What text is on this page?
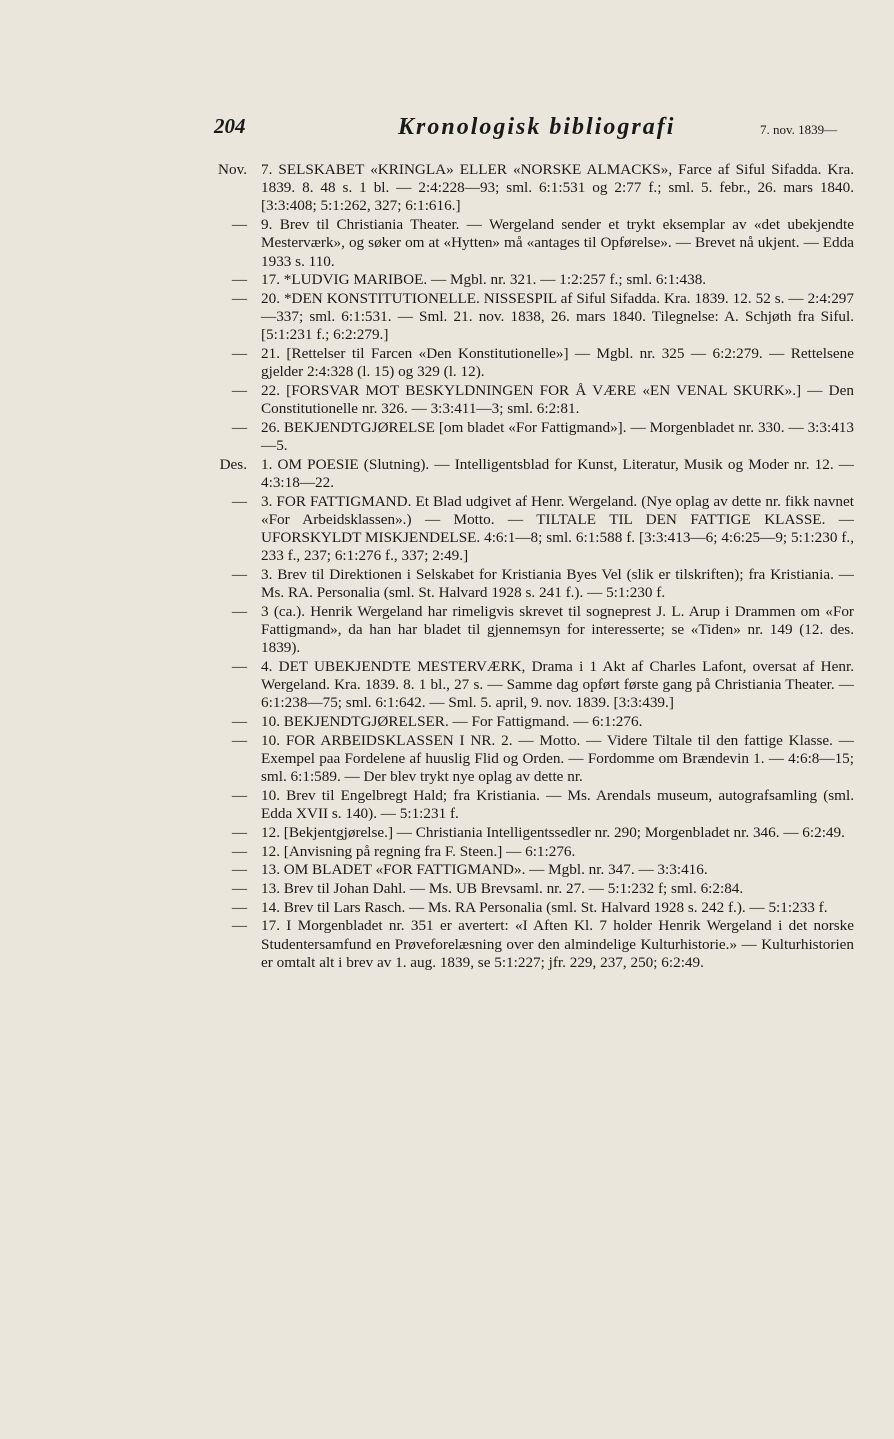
204	Kronologisk bibliografi	7. nov. 1839—
Nov. 7. SELSKABET «KRINGLA» ELLER «NORSKE ALMACKS», Farce af Siful Sifadda. Kra. 1839. 8. 48 s. 1 bl. — 2:4:228—93; sml. 6:1:531 og 2:77 f.; sml. 5. febr., 26. mars 1840. [3:3:408; 5:1:262, 327; 6:1:616.]
— 9. Brev til Christiania Theater. — Wergeland sender et trykt eksemplar av «det ubekjendte Mesterværk», og søker om at «Hytten» må «antages til Opførelse». — Brevet nå ukjent. — Edda 1933 s. 110.
— 17. *LUDVIG MARIBOE. — Mgbl. nr. 321. — 1:2:257 f.; sml. 6:1:438.
— 20. *DEN KONSTITUTIONELLE. NISSESPIL af Siful Sifadda. Kra. 1839. 12. 52 s. — 2:4:297—337; sml. 6:1:531. — Sml. 21. nov. 1838, 26. mars 1840. Tilegnelse: A. Schjøth fra Siful. [5:1:231 f.; 6:2:279.]
— 21. [Rettelser til Farcen «Den Konstitutionelle»] — Mgbl. nr. 325 — 6:2:279. — Rettelsene gjelder 2:4:328 (l. 15) og 329 (l. 12).
— 22. [FORSVAR MOT BESKYLDNINGEN FOR Å VÆRE «EN VENAL SKURK».] — Den Constitutionelle nr. 326. — 3:3:411—3; sml. 6:2:81.
— 26. BEKJENDTGJØRELSE [om bladet «For Fattigmand»]. — Morgenbladet nr. 330. — 3:3:413—5.
Des. 1. OM POESIE (Slutning). — Intelligentsblad for Kunst, Literatur, Musik og Moder nr. 12. — 4:3:18—22.
— 3. FOR FATTIGMAND. Et Blad udgivet af Henr. Wergeland. (Nye oplag av dette nr. fikk navnet «For Arbeidsklassen».) — Motto. — TILTALE TIL DEN FATTIGE KLASSE. — UFORSKYLDT MISKJENDELSE. 4:6:1—8; sml. 6:1:588 f. [3:3:413—6; 4:6:25—9; 5:1:230 f., 233 f., 237; 6:1:276 f., 337; 2:49.]
— 3. Brev til Direktionen i Selskabet for Kristiania Byes Vel (slik er tilskriften); fra Kristiania. — Ms. RA. Personalia (sml. St. Halvard 1928 s. 241 f.). — 5:1:230 f.
— 3 (ca.). Henrik Wergeland har rimeligvis skrevet til sogneprest J. L. Arup i Drammen om «For Fattigmand», da han har bladet til gjennemsyn for interesserte; se «Tiden» nr. 149 (12. des. 1839).
— 4. DET UBEKJENDTE MESTERVÆRK, Drama i 1 Akt af Charles Lafont, oversat af Henr. Wergeland. Kra. 1839. 8. 1 bl., 27 s. — Samme dag opført første gang på Christiania Theater. — 6:1:238—75; sml. 6:1:642. — Sml. 5. april, 9. nov. 1839. [3:3:439.]
— 10. BEKJENDTGJØRELSER. — For Fattigmand. — 6:1:276.
— 10. FOR ARBEIDSKLASSEN I NR. 2. — Motto. — Videre Tiltale til den fattige Klasse. — Exempel paa Fordelene af huuslig Flid og Orden. — Fordomme om Brændevin 1. — 4:6:8—15; sml. 6:1:589. — Der blev trykt nye oplag av dette nr.
— 10. Brev til Engelbregt Hald; fra Kristiania. — Ms. Arendals museum, autografsamling (sml. Edda XVII s. 140). — 5:1:231 f.
— 12. [Bekjentgjørelse.] — Christiania Intelligentssedler nr. 290; Morgenbladet nr. 346. — 6:2:49.
— 12. [Anvisning på regning fra F. Steen.] — 6:1:276.
— 13. OM BLADET «FOR FATTIGMAND». — Mgbl. nr. 347. — 3:3:416.
— 13. Brev til Johan Dahl. — Ms. UB Brevsaml. nr. 27. — 5:1:232 f; sml. 6:2:84.
— 14. Brev til Lars Rasch. — Ms. RA Personalia (sml. St. Halvard 1928 s. 242 f.). — 5:1:233 f.
— 17. I Morgenbladet nr. 351 er avertert: «I Aften Kl. 7 holder Henrik Wergeland i det norske Studentersamfund en Prøveforelæsning over den almindelige Kulturhistorie.» — Kulturhistorien er omtalt alt i brev av 1. aug. 1839, se 5:1:227; jfr. 229, 237, 250; 6:2:49.
